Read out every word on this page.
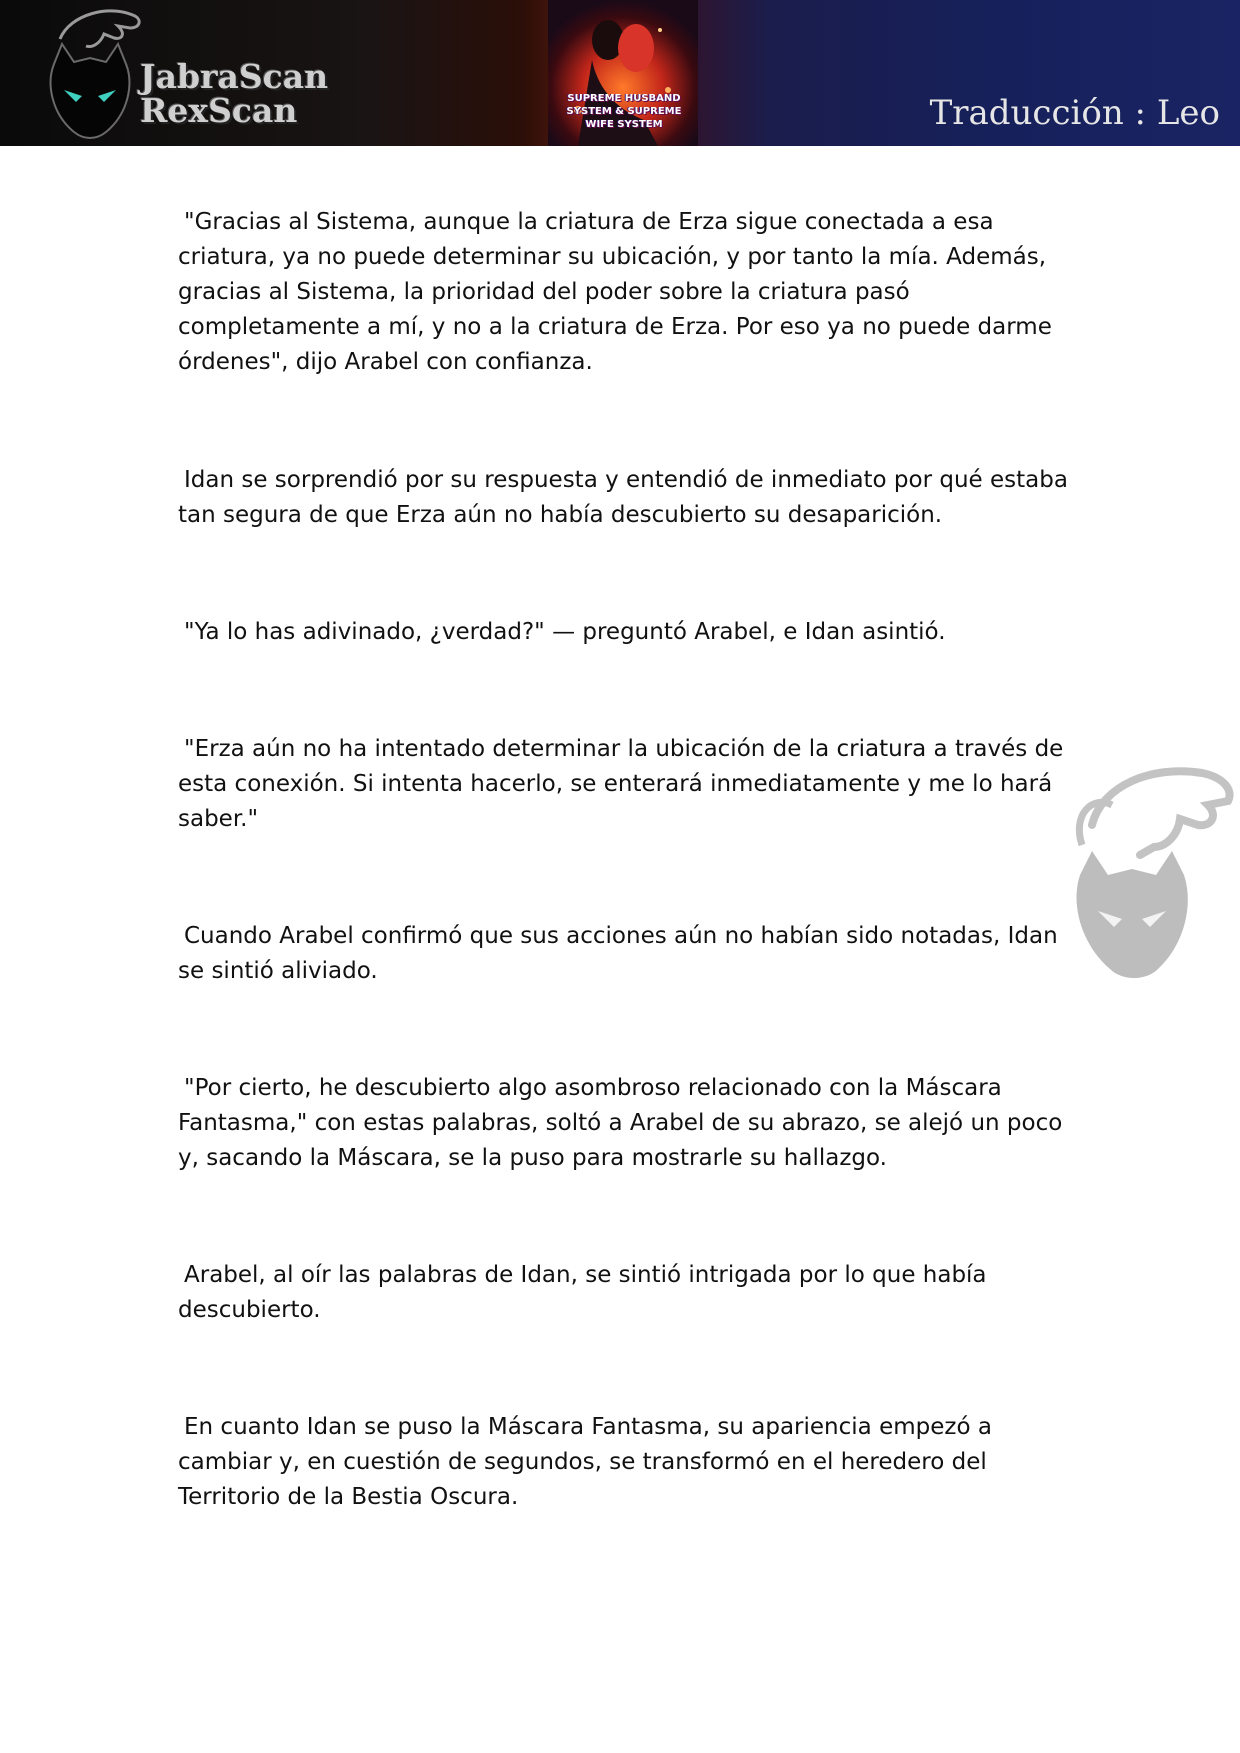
JabraScan
RexScan	SUPREME HUSBAND SYSTEM & SUPREME WIFE SYSTEM	Traducción : Leo

"Gracias al Sistema, aunque la criatura de Erza sigue conectada a esa criatura, ya no puede determinar su ubicación, y por tanto la mía. Además, gracias al Sistema, la prioridad del poder sobre la criatura pasó completamente a mí, y no a la criatura de Erza. Por eso ya no puede darme órdenes", dijo Arabel con confianza.

Idan se sorprendió por su respuesta y entendió de inmediato por qué estaba tan segura de que Erza aún no había descubierto su desaparición.

"Ya lo has adivinado, ¿verdad?" — preguntó Arabel, e Idan asintió.

"Erza aún no ha intentado determinar la ubicación de la criatura a través de esta conexión. Si intenta hacerlo, se enterará inmediatamente y me lo hará saber."

Cuando Arabel confirmó que sus acciones aún no habían sido notadas, Idan se sintió aliviado.

"Por cierto, he descubierto algo asombroso relacionado con la Máscara Fantasma," con estas palabras, soltó a Arabel de su abrazo, se alejó un poco y, sacando la Máscara, se la puso para mostrarle su hallazgo.

Arabel, al oír las palabras de Idan, se sintió intrigada por lo que había descubierto.

En cuanto Idan se puso la Máscara Fantasma, su apariencia empezó a cambiar y, en cuestión de segundos, se transformó en el heredero del Territorio de la Bestia Oscura.
